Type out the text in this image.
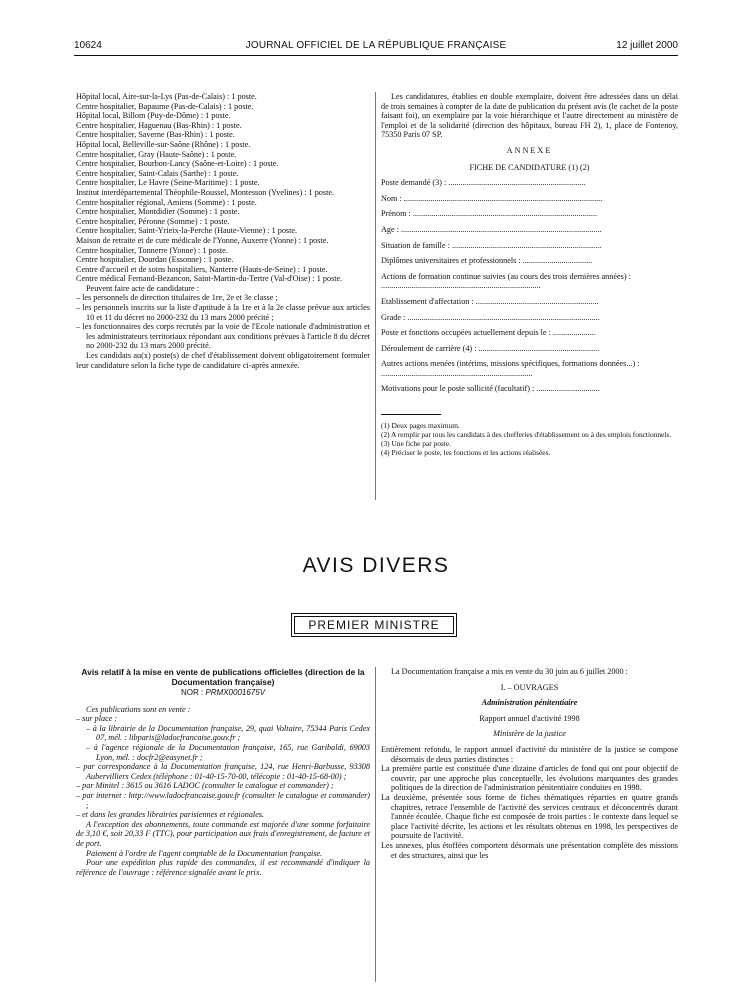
10624	JOURNAL OFFICIEL DE LA RÉPUBLIQUE FRANÇAISE	12 juillet 2000

Hôpital local, Aire-sur-la-Lys (Pas-de-Calais) : 1 poste.

Centre hospitalier, Bapaume (Pas-de-Calais) : 1 poste.

Hôpital local, Billom (Puy-de-Dôme) : 1 poste.

Centre hospitalier, Haguenau (Bas-Rhin) : 1 poste.

Centre hospitalier, Saverne (Bas-Rhin) : 1 poste.

Hôpital local, Belleville-sur-Saône (Rhône) : 1 poste.

Centre hospitalier, Gray (Haute-Saône) : 1 poste.

Centre hospitalier, Bourbon-Lancy (Saône-et-Loire) : 1 poste.

Centre hospitalier, Saint-Calais (Sarthe) : 1 poste.

Centre hospitalier, Le Havre (Seine-Maritime) : 1 poste.

Institut interdépartemental Théophile-Roussel, Montesson (Yvelines) : 1 poste.

Centre hospitalier régional, Amiens (Somme) : 1 poste.

Centre hospitalier, Montdidier (Somme) : 1 poste.

Centre hospitalier, Péronne (Somme) : 1 poste.

Centre hospitalier, Saint-Yrieix-la-Perche (Haute-Vienne) : 1 poste.

Maison de retraite et de cure médicale de l'Yonne, Auxerre (Yonne) : 1 poste.

Centre hospitalier, Tonnerre (Yonne) : 1 poste.

Centre hospitalier, Dourdan (Essonne) : 1 poste.

Centre d'accueil et de soins hospitaliers, Nanterre (Hauts-de-Seine) : 1 poste.

Centre médical Fernand-Bezancon, Saint-Martin-du-Tertre (Val-d'Oise) : 1 poste.

Peuvent faire acte de candidature :

– les personnels de direction titulaires de 1re, 2e et 3e classe ;

– les personnels inscrits sur la liste d'aptitude à la 1re et à la 2e classe prévue aux articles 10 et 11 du décret no 2000-232 du 13 mars 2000 précité ;

– les fonctionnaires des corps recrutés par la voie de l'Ecole nationale d'administration et les administrateurs territoriaux répondant aux conditions prévues à l'article 8 du décret no 2000-232 du 13 mars 2000 précité.

Les candidats au(x) poste(s) de chef d'établissement doivent obligatoirement formuler leur candidature selon la fiche type de candidature ci-après annexée.

Les candidatures, établies en double exemplaire, doivent être adressées dans un délai de trois semaines à compter de la date de publication du présent avis (le cachet de la poste faisant foi), un exemplaire par la voie hiérarchique et l'autre directement au ministère de l'emploi et de la solidarité (direction des hôpitaux, bureau FH 2), 1, place de Fontenoy, 75350 Paris 07 SP.

ANNEXE

FICHE DE CANDIDATURE (1) (2)

Poste demandé (3) : ...................................................................

Nom : .................................................................................................

Prénom : ..........................................................................................

Age : ..................................................................................................

Situation de famille : .........................................................................

Diplômes universitaires et professionnels : ..................................

Actions de formation continue suivies (au cours des trois dernières années) : ..............................................................................

Etablissement d'affectation : ............................................................

Grade : ..............................................................................................

Poste et fonctions occupées actuellement depuis le : .....................

Déroulement de carrière (4) : ...........................................................

Autres actions menées (intérims, missions spécifiques, formations données...) : ..........................................................................

Motivations pour le poste sollicité (facultatif) : ...............................

(1) Deux pages maximum.

(2) A remplir par tous les candidats à des chefferies d'établissement ou à des emplois fonctionnels.

(3) Une fiche par poste.

(4) Préciser le poste, les fonctions et les actions réalisées.

AVIS DIVERS
PREMIER MINISTRE

Avis relatif à la mise en vente de publications officielles (direction de la Documentation française)

NOR : PRMX0001675V

Ces publications sont en vente :

– sur place :

– à la librairie de la Documentation française, 29, quai Voltaire, 75344 Paris Cedex 07, mél. : libparis@ladocfrancaise.gouv.fr ;

– à l'agence régionale de la Documentation française, 165, rue Garibaldi, 69003 Lyon, mél. : docfr2@easynet.fr ;

– par correspondance à la Documentation française, 124, rue Henri-Barbusse, 93308 Aubervilliers Cedex (téléphone : 01-40-15-70-00, télécopie : 01-40-15-68-00) ;

– par Minitel : 3615 ou 3616 LADOC (consulter le catalogue et commander) ;

– par internet : http://www.ladocfrancaise.gouv.fr (consulter le catalogue et commander) ;

– et dans les grandes librairies parisiennes et régionales.

A l'exception des abonnements, toute commande est majorée d'une somme forfaitaire de 3,10 €, soit 20,33 F (TTC), pour participation aux frais d'enregistrement, de facture et de port.

Paiement à l'ordre de l'agent comptable de la Documentation française.

Pour une expédition plus rapide des commandes, il est recommandé d'indiquer la référence de l'ouvrage : référence signalée avant le prix.

La Documentation française a mis en vente du 30 juin au 6 juillet 2000 :

I. – OUVRAGES

Administration pénitentiaire

Rapport annuel d'activité 1998

Ministère de la justice

Entièrement refondu, le rapport annuel d'activité du ministère de la justice se compose désormais de deux parties distinctes :

La première partie est constituée d'une dizaine d'articles de fond qui ont pour objectif de couvrir, par une approche plus conceptuelle, les évolutions marquantes des grandes politiques de la direction de l'administration pénitentiaire conduites en 1998.

La deuxième, présentée sous forme de fiches thématiques réparties en quatre grands chapitres, retrace l'ensemble de l'activité des services centraux et déconcentrés durant l'année écoulée. Chaque fiche est composée de trois parties : le contexte dans lequel se place l'activité décrite, les actions et les résultats obtenus en 1998, les perspectives de poursuite de l'activité.

Les annexes, plus étoffées comportent désormais une présentation complète des missions et des structures, ainsi que les
